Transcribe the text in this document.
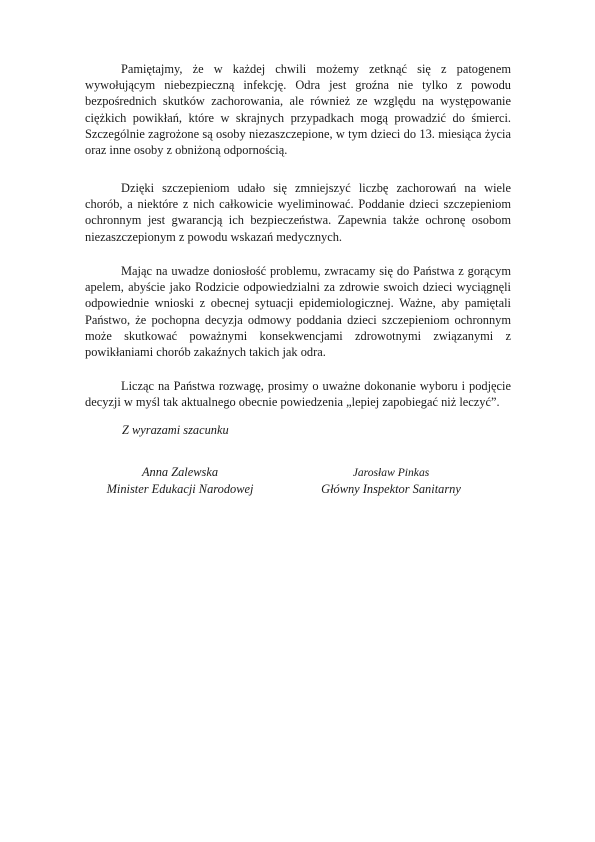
Pamiętajmy, że w każdej chwili możemy zetknąć się z patogenem wywołującym niebezpieczną infekcję. Odra jest groźna nie tylko z powodu bezpośrednich skutków zachorowania, ale również ze względu na występowanie ciężkich powikłań, które w skrajnych przypadkach mogą prowadzić do śmierci. Szczególnie zagrożone są osoby niezaszczepione, w tym dzieci do 13. miesiąca życia oraz inne osoby z obniżoną odpornością.

Dzięki szczepieniom udało się zmniejszyć liczbę zachorowań na wiele chorób, a niektóre z nich całkowicie wyeliminować. Poddanie dzieci szczepieniom ochronnym jest gwarancją ich bezpieczeństwa. Zapewnia także ochronę osobom niezaszczepionym z powodu wskazań medycznych.

Mając na uwadze doniosłość problemu, zwracamy się do Państwa z gorącym apelem, abyście jako Rodzicie odpowiedzialni za zdrowie swoich dzieci wyciągnęli odpowiednie wnioski z obecnej sytuacji epidemiologicznej. Ważne, aby pamiętali Państwo, że pochopna decyzja odmowy poddania dzieci szczepieniom ochronnym może skutkować poważnymi konsekwencjami zdrowotnymi związanymi z powikłaniami chorób zakaźnych takich jak odra.

Licząc na Państwa rozwagę, prosimy o uważne dokonanie wyboru i podjęcie decyzji w myśl tak aktualnego obecnie powiedzenia „lepiej zapobiegać niż leczyć”.

Z wyrazami szacunku

Anna Zalewska
Minister Edukacji Narodowej
Jarosław Pinkas
Główny Inspektor Sanitarny
